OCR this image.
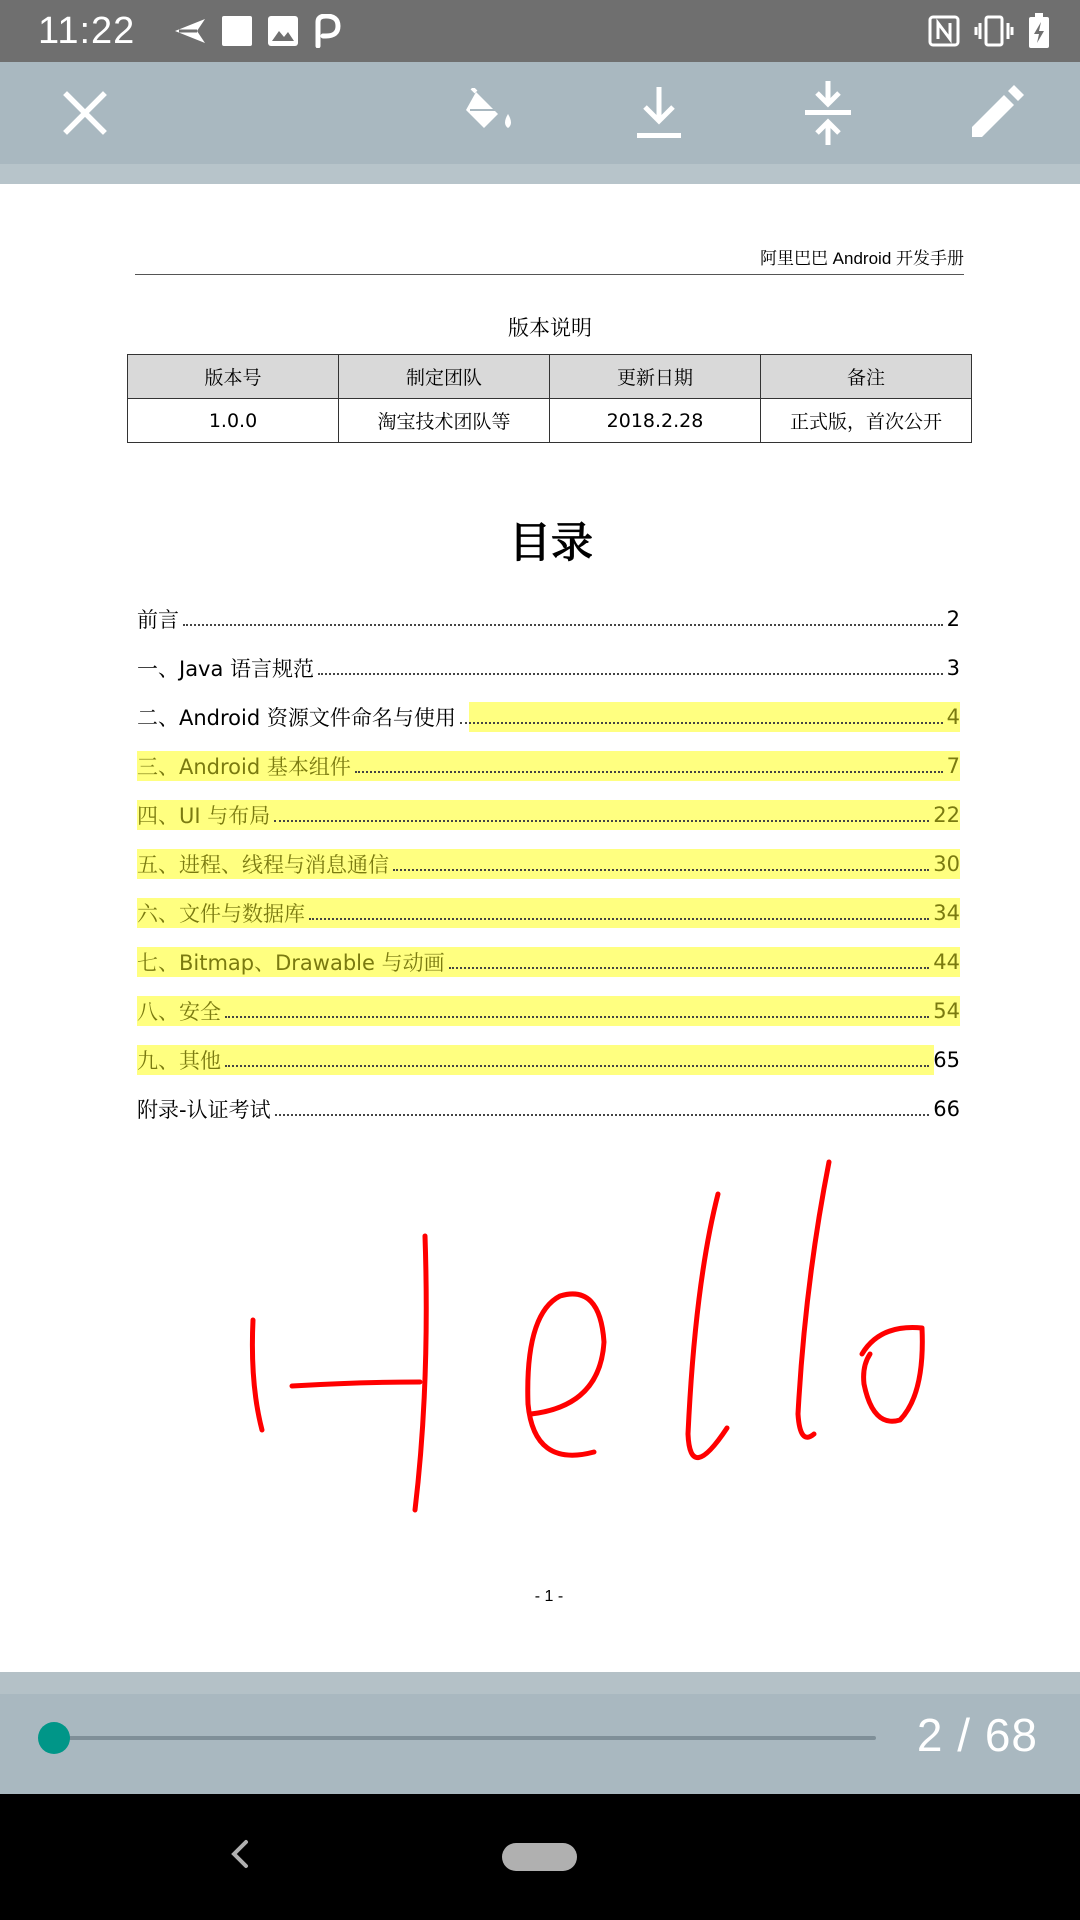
11:22
阿里巴巴 Android 开发手册
版本说明
版本号	制定团队	更新日期	备注
1.0.0	淘宝技术团队等	2018.2.28	正式版，首次公开
目录
前言	2
一、Java 语言规范	3
二、Android 资源文件命名与使用	4
三、Android 基本组件	7
四、UI 与布局	22
五、进程、线程与消息通信	30
六、文件与数据库	34
七、Bitmap、Drawable 与动画	44
八、安全	54
九、其他	65
附录-认证考试	66
- 1 -
2 / 68
